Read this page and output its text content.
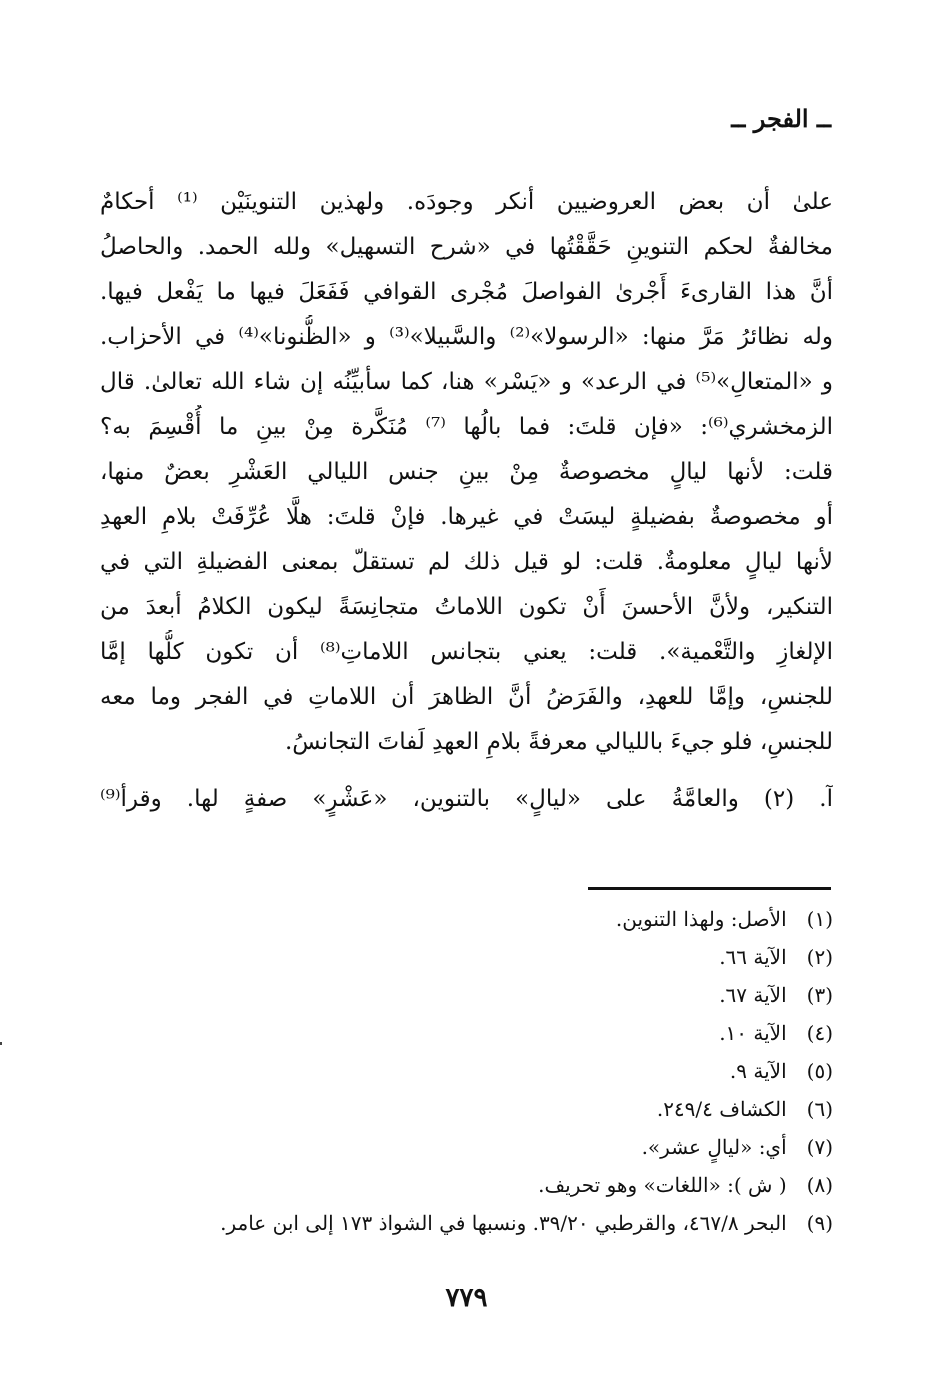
ــ الفجر ــ
علىٰ أن بعض العروضيين أنكر وجودَه. ولهذين التنوينَيْن ⁽¹⁾ أحكامٌ
مخالفةٌ لحكم التنوينِ حَقَّقْتُها في «شرح التسهيل» ولله الحمد. والحاصلُ
أنَّ هذا القارىءَ أَجْرىٰ الفواصلَ مُجْرى القوافي فَفَعَلَ فيها ما يَفْعل فيها.
وله نظائرُ مَرَّ منها: «الرسولا»⁽²⁾ والسَّبيلا»⁽³⁾ و «الظُّنونا»⁽⁴⁾ في الأحزاب.
و «المتعالِ»⁽⁵⁾ في الرعد» و «يَسْر» هنا، كما سأبيِّنُه إن شاء الله تعالىٰ. قال
الزمخشري⁽⁶⁾: «فإن قلتَ: فما بالُها ⁽⁷⁾ مُنَكَّرة مِنْ بينِ ما أُقْسِمَ به؟
قلت: لأنها ليالٍ مخصوصةٌ مِنْ بينِ جنس الليالي العَشْرِ بعضٌ منها،
أو مخصوصةٌ بفضيلةٍ ليسَتْ في غيرها. فإنْ قلتَ: هلَّا عُرِّفَتْ بلامِ العهدِ
لأنها ليالٍ معلومةٌ. قلت: لو قيل ذلك لم تستقلّ بمعنى الفضيلةِ التي في
التنكير، ولأنَّ الأحسنَ أَنْ تكون اللاماتُ متجانِسَةً ليكون الكلامُ أبعدَ من
الإلغازِ والتَّعْمية». قلت: يعني بتجانس اللاماتِ⁽⁸⁾ أن تكون كلُّها إمَّا
للجنسِ، وإمَّا للعهدِ، والفَرَضُ أنَّ الظاهرَ أن اللاماتِ في الفجر وما معه
للجنسِ، فلو جيءَ بالليالي معرفةً بلامِ العهدِ لَفاتَ التجانسُ.
آ. (٢) والعامَّةُ على «ليالٍ» بالتنوين، «عَشْرٍ» صفةٍ لها. وقرأ⁽⁹⁾
(١) الأصل: ولهذا التنوين.
(٢) الآية ٦٦.
(٣) الآية ٦٧.
(٤) الآية ١٠.
(٥) الآية ٩.
(٦) الكشاف ٢٤٩/٤.
(٧) أي: «ليالٍ عشر».
(٨) ( ش ): «اللغات» وهو تحريف.
(٩) البحر ٤٦٧/٨، والقرطبي ٣٩/٢٠. ونسبها في الشواذ ١٧٣ إلى ابن عامر.
٧٧٩
